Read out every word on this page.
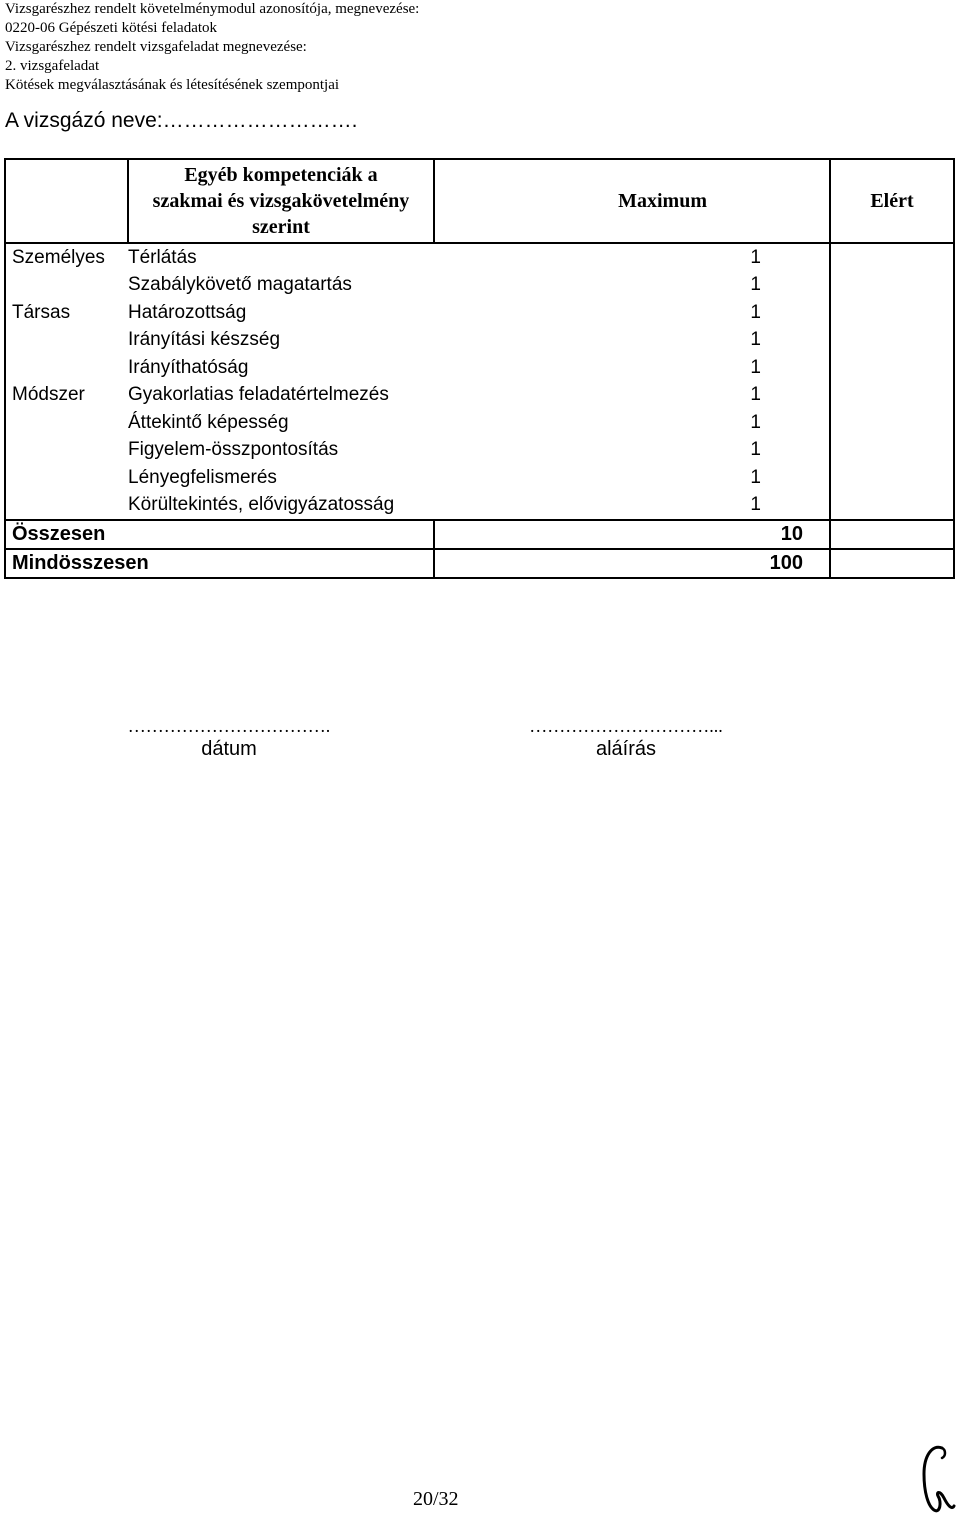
Vizsgarészhez rendelt követelménymodul azonosítója, megnevezése:
0220-06 Gépészeti kötési feladatok
Vizsgarészhez rendelt vizsgafeladat megnevezése:
2. vizsgafeladat
Kötések megválasztásának és létesítésének szempontjai
A vizsgázó neve:……………………….

	Egyéb kompetenciák a
szakmai és vizsgakövetelmény
szerint	Maximum		Elért
Személyes	Térlátás	1		
	Szabálykövető magatartás	1		
Társas	Határozottság	1		
	Irányítási készség	1		
	Irányíthatóság	1		
Módszer	Gyakorlatias feladatértelmezés	1		
	Áttekintő képesség	1		
	Figyelem-összpontosítás	1		
	Lényegfelismerés	1		
	Körültekintés, elővigyázatosság	1		
Összesen		10		
Mindösszesen		100		
…………………………….
dátum
…………………………...
aláírás
20/32
